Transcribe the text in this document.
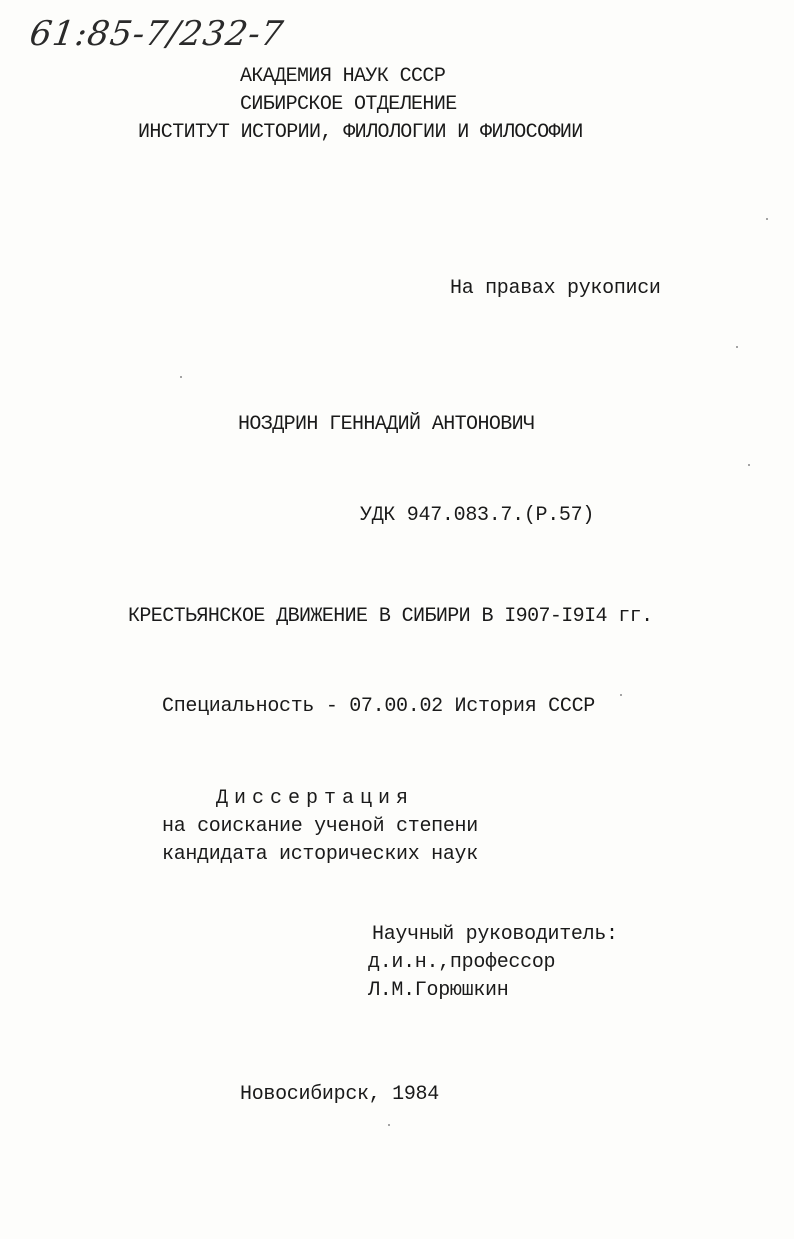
61:85-7/232-7
АКАДЕМИЯ НАУК СССР
СИБИРСКОЕ ОТДЕЛЕНИЕ
ИНСТИТУТ ИСТОРИИ, ФИЛОЛОГИИ И ФИЛОСОФИИ
На правах рукописи
НОЗДРИН ГЕННАДИЙ АНТОНОВИЧ
УДК 947.083.7.(Р.57)
КРЕСТЬЯНСКОЕ ДВИЖЕНИЕ В СИБИРИ В I907-I9I4 гг.
Специальность - 07.00.02 История СССР
Диссертация
на соискание ученой степени
кандидата исторических наук
Научный руководитель:
д.и.н.,профессор
Л.М.Горюшкин
Новосибирск, 1984
